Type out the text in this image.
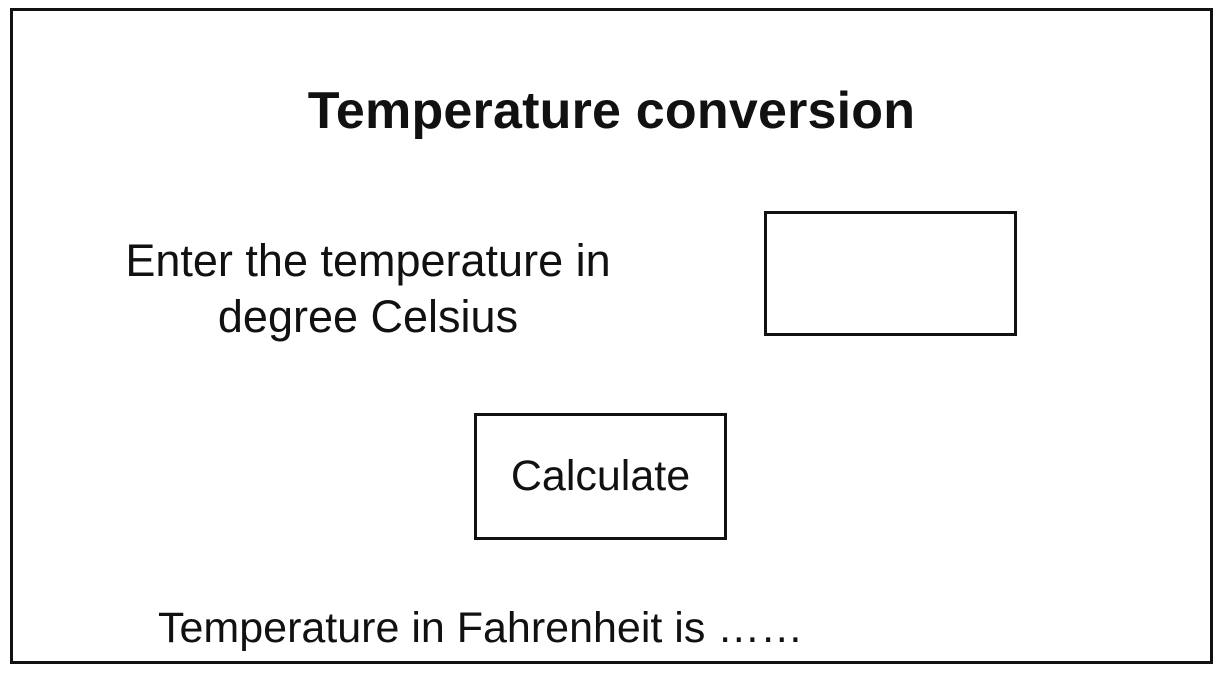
Temperature conversion
Enter the temperature in
degree Celsius
Calculate
Temperature in Fahrenheit is ……
